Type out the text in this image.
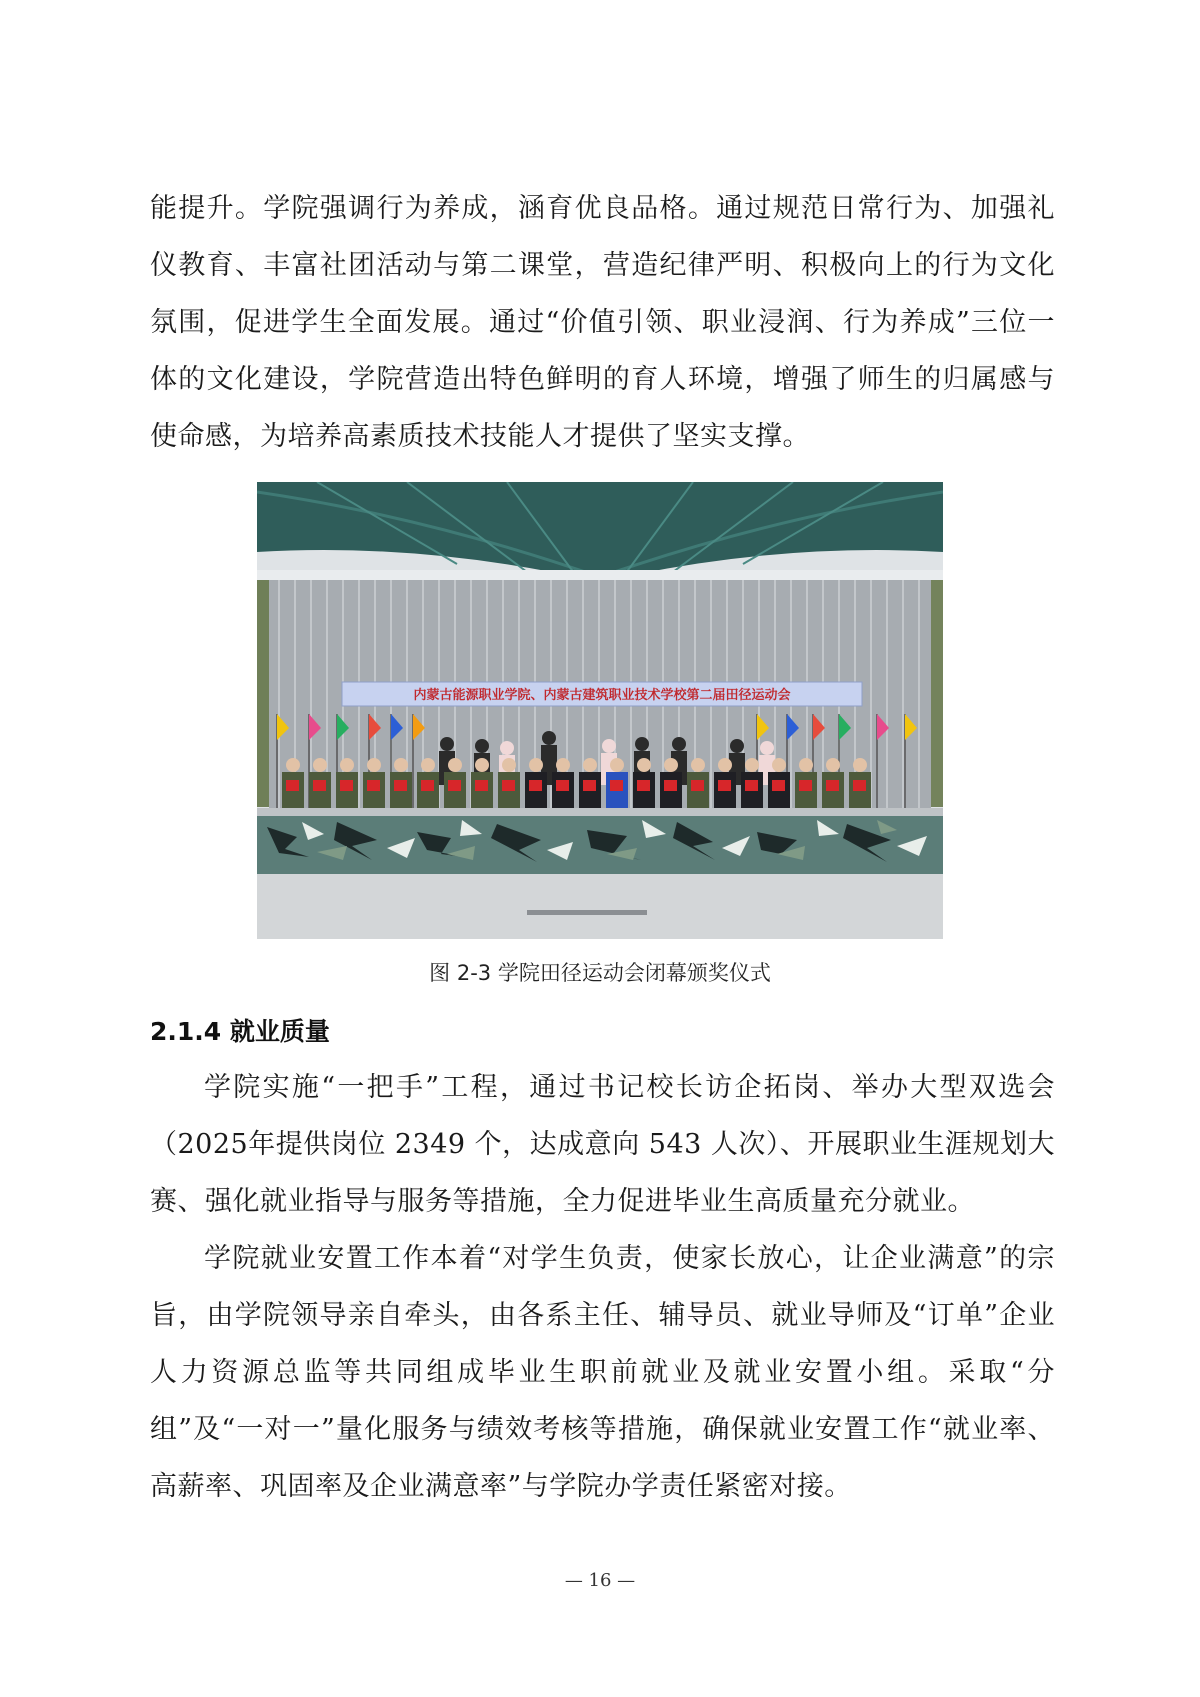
能提升。学院强调行为养成，涵育优良品格。通过规范日常行为、加强礼仪教育、丰富社团活动与第二课堂，营造纪律严明、积极向上的行为文化氛围，促进学生全面发展。通过“价值引领、职业浸润、行为养成”三位一体的文化建设，学院营造出特色鲜明的育人环境，增强了师生的归属感与使命感，为培养高素质技术技能人才提供了坚实支撑。

内蒙古能源职业学院、内蒙古建筑职业技术学校第二届田径运动会
图 2-3 学院田径运动会闭幕颁奖仪式
2.1.4 就业质量

学院实施“一把手”工程，通过书记校长访企拓岗、举办大型双选会（2025年提供岗位 2349 个，达成意向 543 人次）、开展职业生涯规划大赛、强化就业指导与服务等措施，全力促进毕业生高质量充分就业。

学院就业安置工作本着“对学生负责，使家长放心，让企业满意”的宗旨，由学院领导亲自牵头，由各系主任、辅导员、就业导师及“订单”企业人力资源总监等共同组成毕业生职前就业及就业安置小组。采取“分组”及“一对一”量化服务与绩效考核等措施，确保就业安置工作“就业率、高薪率、巩固率及企业满意率”与学院办学责任紧密对接。

— 16 —
